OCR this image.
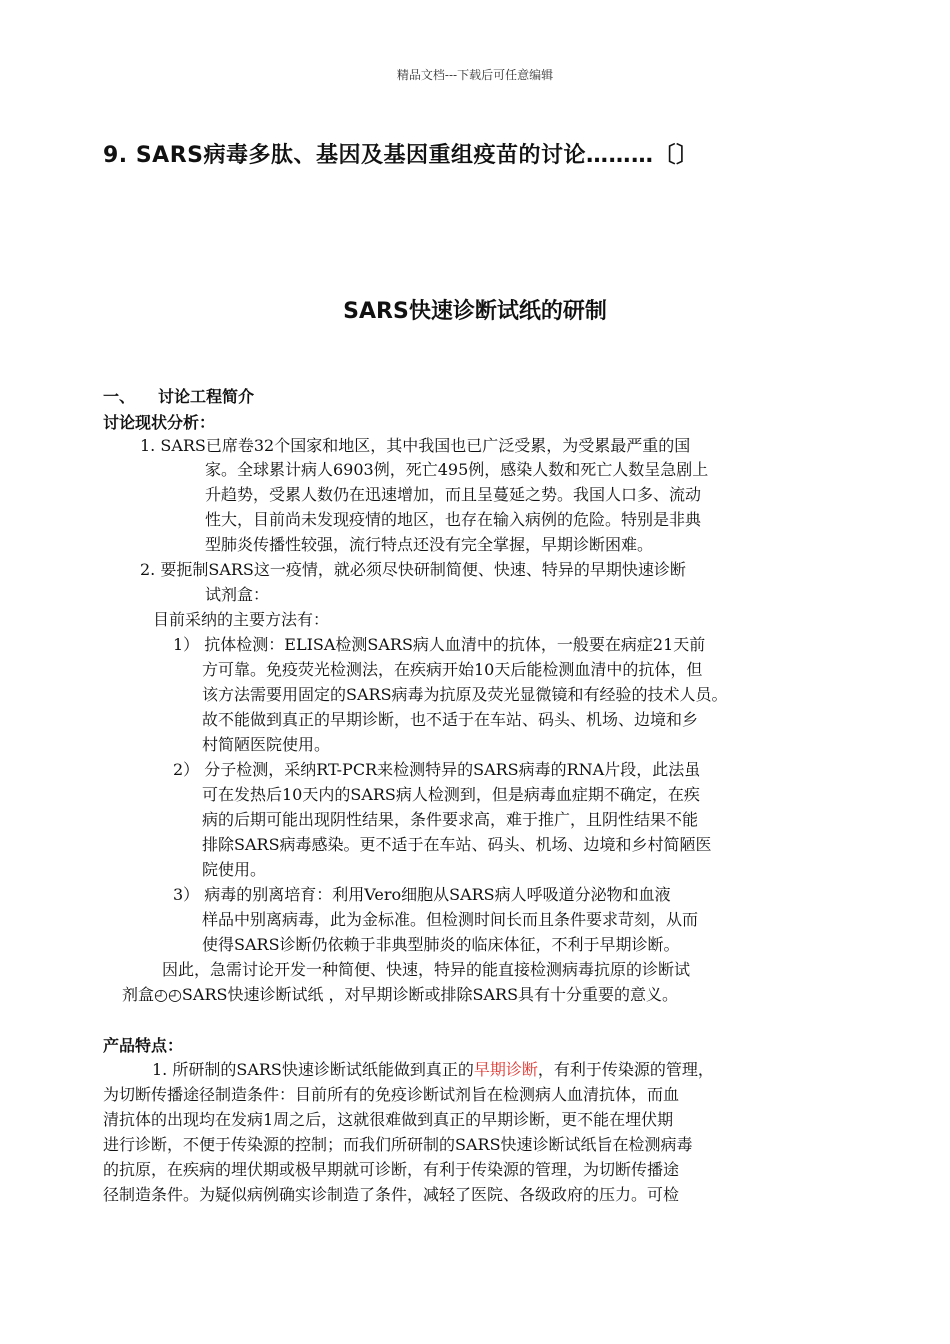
精品文档---下载后可任意编辑
9. SARS病毒多肽、基因及基因重组疫苗的讨论………〔〕
SARS快速诊断试纸的研制
一、 讨论工程简介
讨论现状分析：
1. SARS已席卷32个国家和地区，其中我国也已广泛受累，为受累最严重的国
家。全球累计病人6903例，死亡495例，感染人数和死亡人数呈急剧上
升趋势，受累人数仍在迅速增加，而且呈蔓延之势。我国人口多、流动
性大，目前尚未发现疫情的地区，也存在输入病例的危险。特别是非典
型肺炎传播性较强，流行特点还没有完全掌握，早期诊断困难。
2. 要扼制SARS这一疫情，就必须尽快研制简便、快速、特异的早期快速诊断
试剂盒：
目前采纳的主要方法有：
1） 抗体检测：ELISA检测SARS病人血清中的抗体，一般要在病症21天前
方可靠。免疫荧光检测法，在疾病开始10天后能检测血清中的抗体，但
该方法需要用固定的SARS病毒为抗原及荧光显微镜和有经验的技术人员。
故不能做到真正的早期诊断，也不适于在车站、码头、机场、边境和乡
村简陋医院使用。
2） 分子检测，采纳RT-PCR来检测特异的SARS病毒的RNA片段，此法虽
可在发热后10天内的SARS病人检测到，但是病毒血症期不确定，在疾
病的后期可能出现阴性结果，条件要求高，难于推广，且阴性结果不能
排除SARS病毒感染。更不适于在车站、码头、机场、边境和乡村简陋医
院使用。
3） 病毒的别离培育：利用Vero细胞从SARS病人呼吸道分泌物和血液
样品中别离病毒，此为金标准。但检测时间长而且条件要求苛刻，从而
使得SARS诊断仍依赖于非典型肺炎的临床体征，不利于早期诊断。
因此，急需讨论开发一种简便、快速，特异的能直接检测病毒抗原的诊断试
剂盒◴◴SARS快速诊断试纸 ，对早期诊断或排除SARS具有十分重要的意义。
产品特点：
1. 所研制的SARS快速诊断试纸能做到真正的早期诊断，有利于传染源的管理，
为切断传播途径制造条件：目前所有的免疫诊断试剂旨在检测病人血清抗体，而血
清抗体的出现均在发病1周之后，这就很难做到真正的早期诊断，更不能在埋伏期
进行诊断，不便于传染源的控制；而我们所研制的SARS快速诊断试纸旨在检测病毒
的抗原，在疾病的埋伏期或极早期就可诊断，有利于传染源的管理，为切断传播途
径制造条件。为疑似病例确实诊制造了条件，减轻了医院、各级政府的压力。可检
